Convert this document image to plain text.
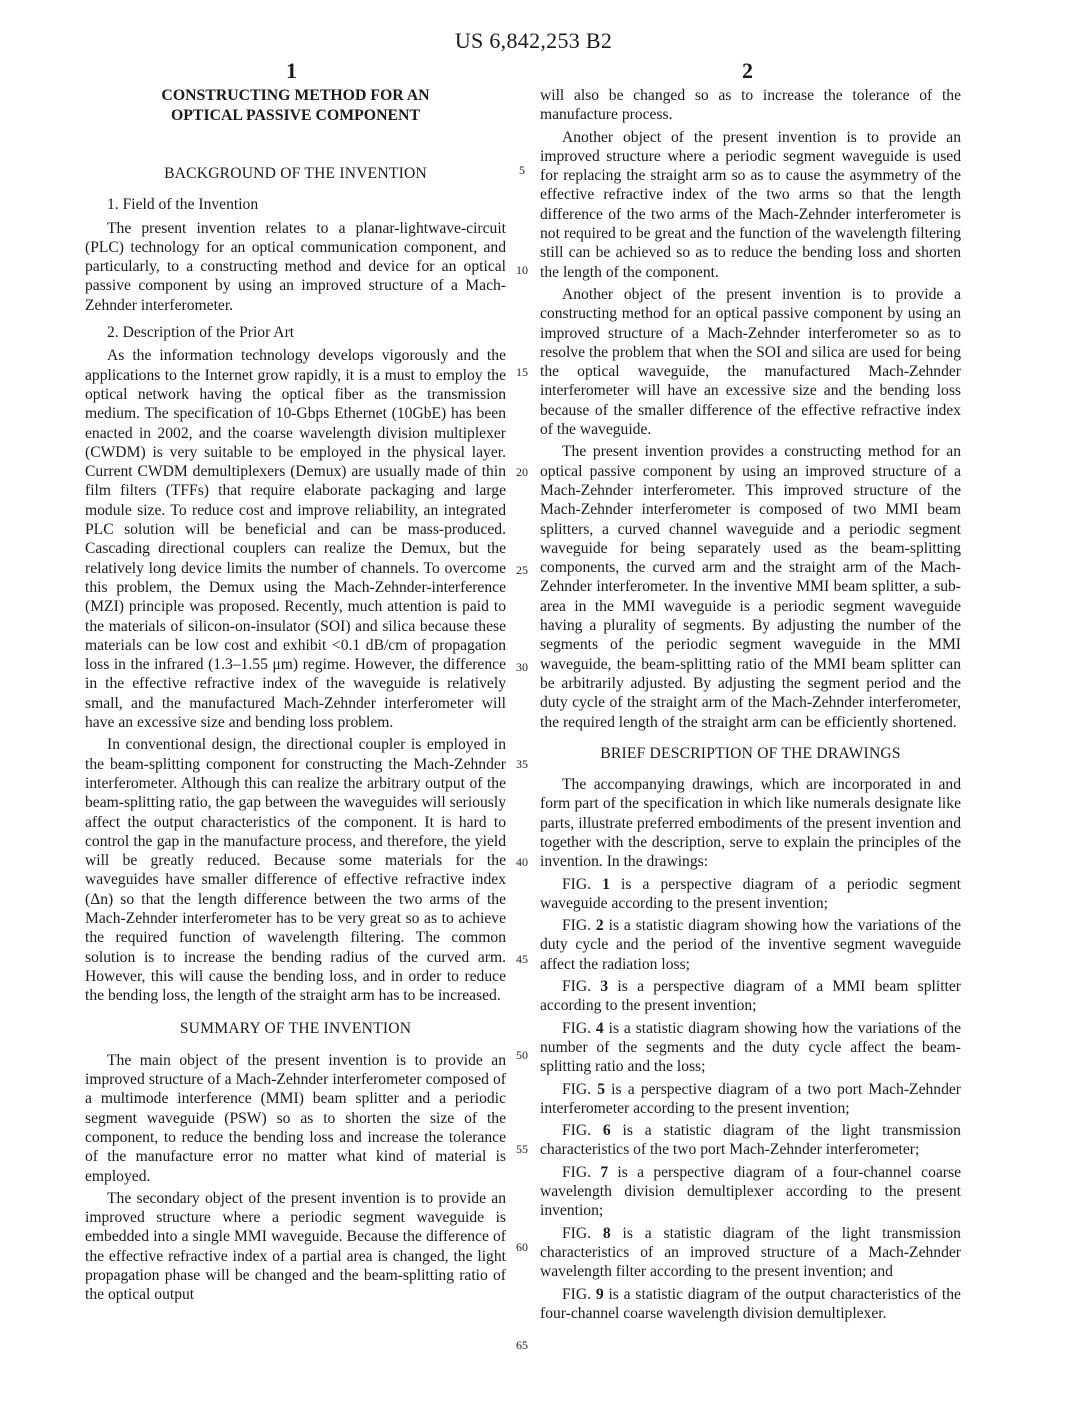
US 6,842,253 B2
1	2
CONSTRUCTING METHOD FOR AN
OPTICAL PASSIVE COMPONENT
BACKGROUND OF THE INVENTION
1. Field of the Invention

The present invention relates to a planar-lightwave-circuit (PLC) technology for an optical communication component, and particularly, to a constructing method and device for an optical passive component by using an improved structure of a Mach-Zehnder interferometer.

2. Description of the Prior Art

As the information technology develops vigorously and the applications to the Internet grow rapidly, it is a must to employ the optical network having the optical fiber as the transmission medium. The specification of 10-Gbps Ethernet (10GbE) has been enacted in 2002, and the coarse wavelength division multiplexer (CWDM) is very suitable to be employed in the physical layer. Current CWDM demultiplexers (Demux) are usually made of thin film filters (TFFs) that require elaborate packaging and large module size. To reduce cost and improve reliability, an integrated PLC solution will be beneficial and can be mass-produced. Cascading directional couplers can realize the Demux, but the relatively long device limits the number of channels. To overcome this problem, the Demux using the Mach-Zehnder-interference (MZI) principle was proposed. Recently, much attention is paid to the materials of silicon-on-insulator (SOI) and silica because these materials can be low cost and exhibit <0.1 dB/cm of propagation loss in the infrared (1.3–1.55 μm) regime. However, the difference in the effective refractive index of the waveguide is relatively small, and the manufactured Mach-Zehnder interferometer will have an excessive size and bending loss problem.

In conventional design, the directional coupler is employed in the beam-splitting component for constructing the Mach-Zehnder interferometer. Although this can realize the arbitrary output of the beam-splitting ratio, the gap between the waveguides will seriously affect the output characteristics of the component. It is hard to control the gap in the manufacture process, and therefore, the yield will be greatly reduced. Because some materials for the waveguides have smaller difference of effective refractive index (Δn) so that the length difference between the two arms of the Mach-Zehnder interferometer has to be very great so as to achieve the required function of wavelength filtering. The common solution is to increase the bending radius of the curved arm. However, this will cause the bending loss, and in order to reduce the bending loss, the length of the straight arm has to be increased.

SUMMARY OF THE INVENTION

The main object of the present invention is to provide an improved structure of a Mach-Zehnder interferometer composed of a multimode interference (MMI) beam splitter and a periodic segment waveguide (PSW) so as to shorten the size of the component, to reduce the bending loss and increase the tolerance of the manufacture error no matter what kind of material is employed.

The secondary object of the present invention is to provide an improved structure where a periodic segment waveguide is embedded into a single MMI waveguide. Because the difference of the effective refractive index of a partial area is changed, the light propagation phase will be changed and the beam-splitting ratio of the optical output

will also be changed so as to increase the tolerance of the manufacture process.

Another object of the present invention is to provide an improved structure where a periodic segment waveguide is used for replacing the straight arm so as to cause the asymmetry of the effective refractive index of the two arms so that the length difference of the two arms of the Mach-Zehnder interferometer is not required to be great and the function of the wavelength filtering still can be achieved so as to reduce the bending loss and shorten the length of the component.

Another object of the present invention is to provide a constructing method for an optical passive component by using an improved structure of a Mach-Zehnder interferometer so as to resolve the problem that when the SOI and silica are used for being the optical waveguide, the manufactured Mach-Zehnder interferometer will have an excessive size and the bending loss because of the smaller difference of the effective refractive index of the waveguide.

The present invention provides a constructing method for an optical passive component by using an improved structure of a Mach-Zehnder interferometer. This improved structure of the Mach-Zehnder interferometer is composed of two MMI beam splitters, a curved channel waveguide and a periodic segment waveguide for being separately used as the beam-splitting components, the curved arm and the straight arm of the Mach-Zehnder interferometer. In the inventive MMI beam splitter, a sub-area in the MMI waveguide is a periodic segment waveguide having a plurality of segments. By adjusting the number of the segments of the periodic segment waveguide in the MMI waveguide, the beam-splitting ratio of the MMI beam splitter can be arbitrarily adjusted. By adjusting the segment period and the duty cycle of the straight arm of the Mach-Zehnder interferometer, the required length of the straight arm can be efficiently shortened.

BRIEF DESCRIPTION OF THE DRAWINGS

The accompanying drawings, which are incorporated in and form part of the specification in which like numerals designate like parts, illustrate preferred embodiments of the present invention and together with the description, serve to explain the principles of the invention. In the drawings:

FIG. 1 is a perspective diagram of a periodic segment waveguide according to the present invention;

FIG. 2 is a statistic diagram showing how the variations of the duty cycle and the period of the inventive segment waveguide affect the radiation loss;

FIG. 3 is a perspective diagram of a MMI beam splitter according to the present invention;

FIG. 4 is a statistic diagram showing how the variations of the number of the segments and the duty cycle affect the beam-splitting ratio and the loss;

FIG. 5 is a perspective diagram of a two port Mach-Zehnder interferometer according to the present invention;

FIG. 6 is a statistic diagram of the light transmission characteristics of the two port Mach-Zehnder interferometer;

FIG. 7 is a perspective diagram of a four-channel coarse wavelength division demultiplexer according to the present invention;

FIG. 8 is a statistic diagram of the light transmission characteristics of an improved structure of a Mach-Zehnder wavelength filter according to the present invention; and

FIG. 9 is a statistic diagram of the output characteristics of the four-channel coarse wavelength division demultiplexer.

5
10
15
20
25
30
35
40
45
50
55
60
65
